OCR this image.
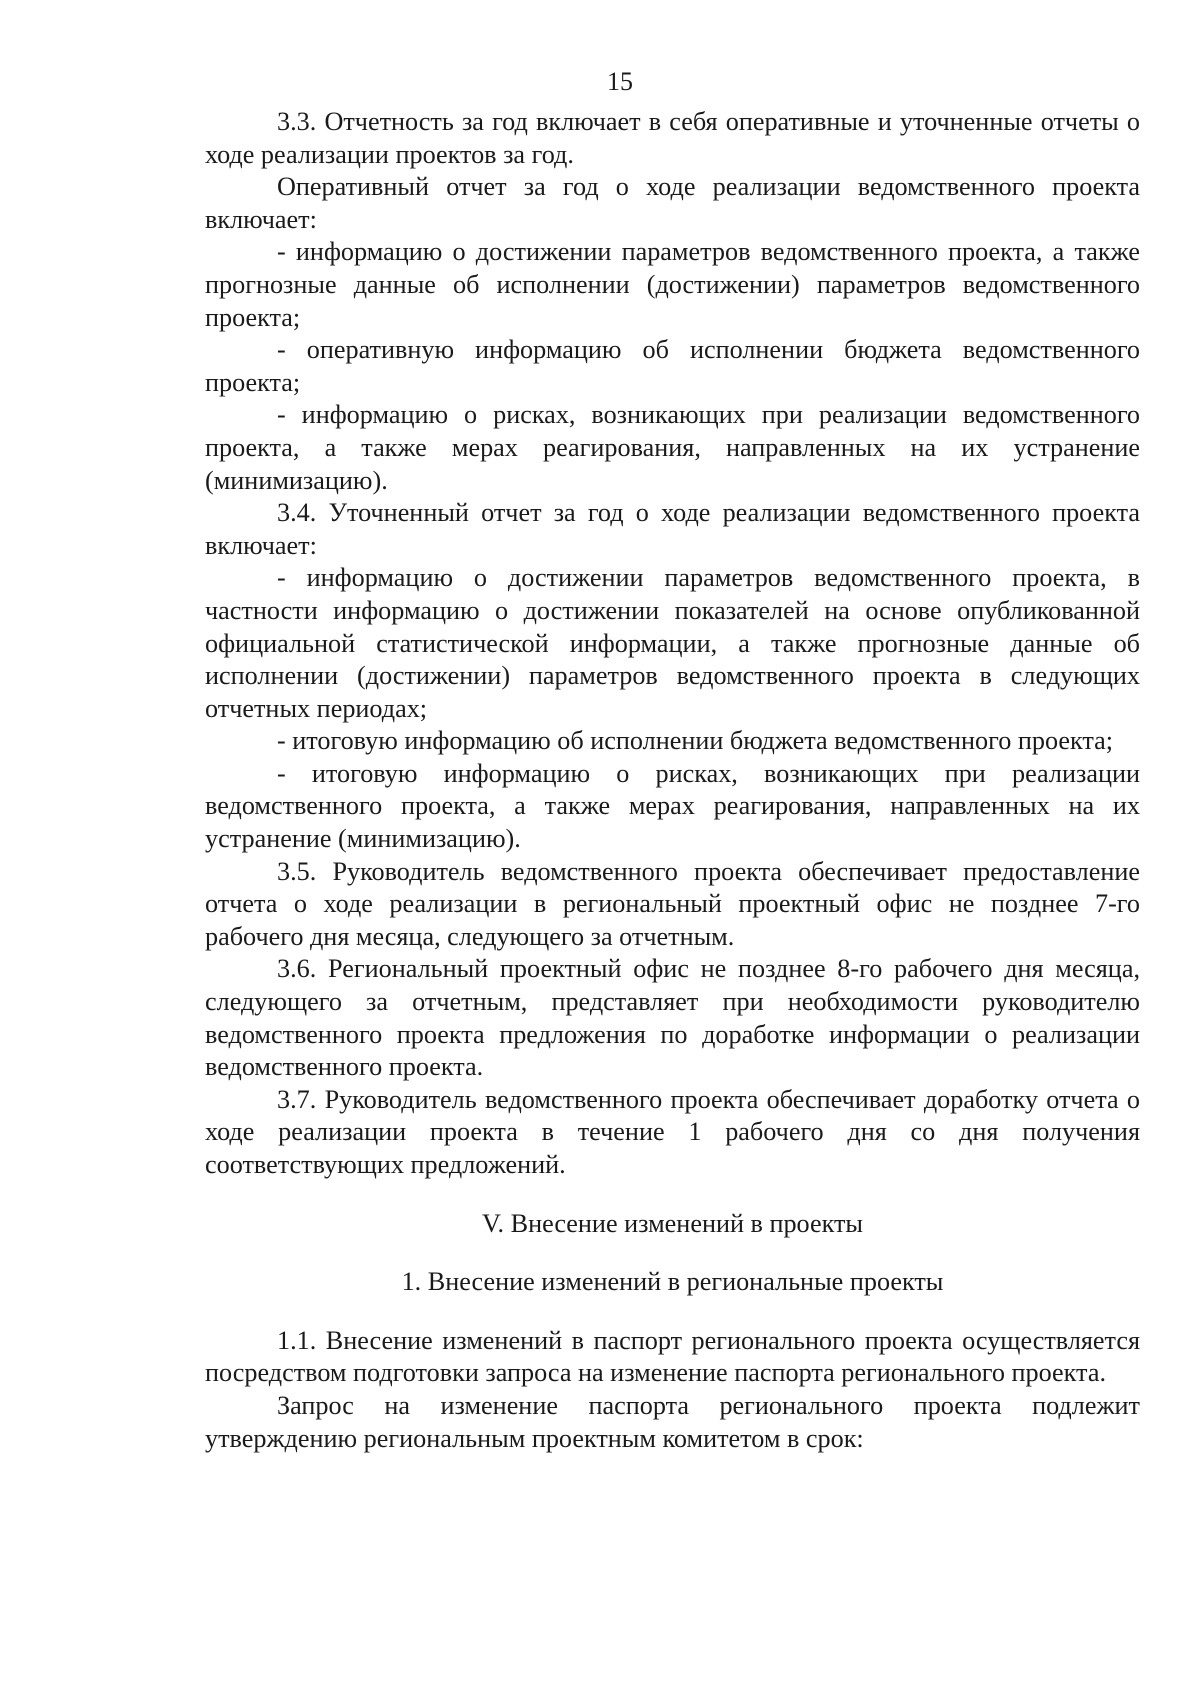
15

3.3. Отчетность за год включает в себя оперативные и уточненные отчеты о ходе реализации проектов за год.

Оперативный отчет за год о ходе реализации ведомственного проекта включает:

- информацию о достижении параметров ведомственного проекта, а также прогнозные данные об исполнении (достижении) параметров ведомственного проекта;

- оперативную информацию об исполнении бюджета ведомственного проекта;

- информацию о рисках, возникающих при реализации ведомственного проекта, а также мерах реагирования, направленных на их устранение (минимизацию).

3.4. Уточненный отчет за год о ходе реализации ведомственного проекта включает:

- информацию о достижении параметров ведомственного проекта, в частности информацию о достижении показателей на основе опубликованной официальной статистической информации, а также прогнозные данные об исполнении (достижении) параметров ведомственного проекта в следующих отчетных периодах;

- итоговую информацию об исполнении бюджета ведомственного проекта;

- итоговую информацию о рисках, возникающих при реализации ведомственного проекта, а также мерах реагирования, направленных на их устранение (минимизацию).

3.5. Руководитель ведомственного проекта обеспечивает предоставление отчета о ходе реализации в региональный проектный офис не позднее 7-го рабочего дня месяца, следующего за отчетным.

3.6. Региональный проектный офис не позднее 8-го рабочего дня месяца, следующего за отчетным, представляет при необходимости руководителю ведомственного проекта предложения по доработке информации о реализации ведомственного проекта.

3.7. Руководитель ведомственного проекта обеспечивает доработку отчета о ходе реализации проекта в течение 1 рабочего дня со дня получения соответствующих предложений.

V. Внесение изменений в проекты
1. Внесение изменений в региональные проекты

1.1. Внесение изменений в паспорт регионального проекта осуществляется посредством подготовки запроса на изменение паспорта регионального проекта.

Запрос на изменение паспорта регионального проекта подлежит утверждению региональным проектным комитетом в срок:
